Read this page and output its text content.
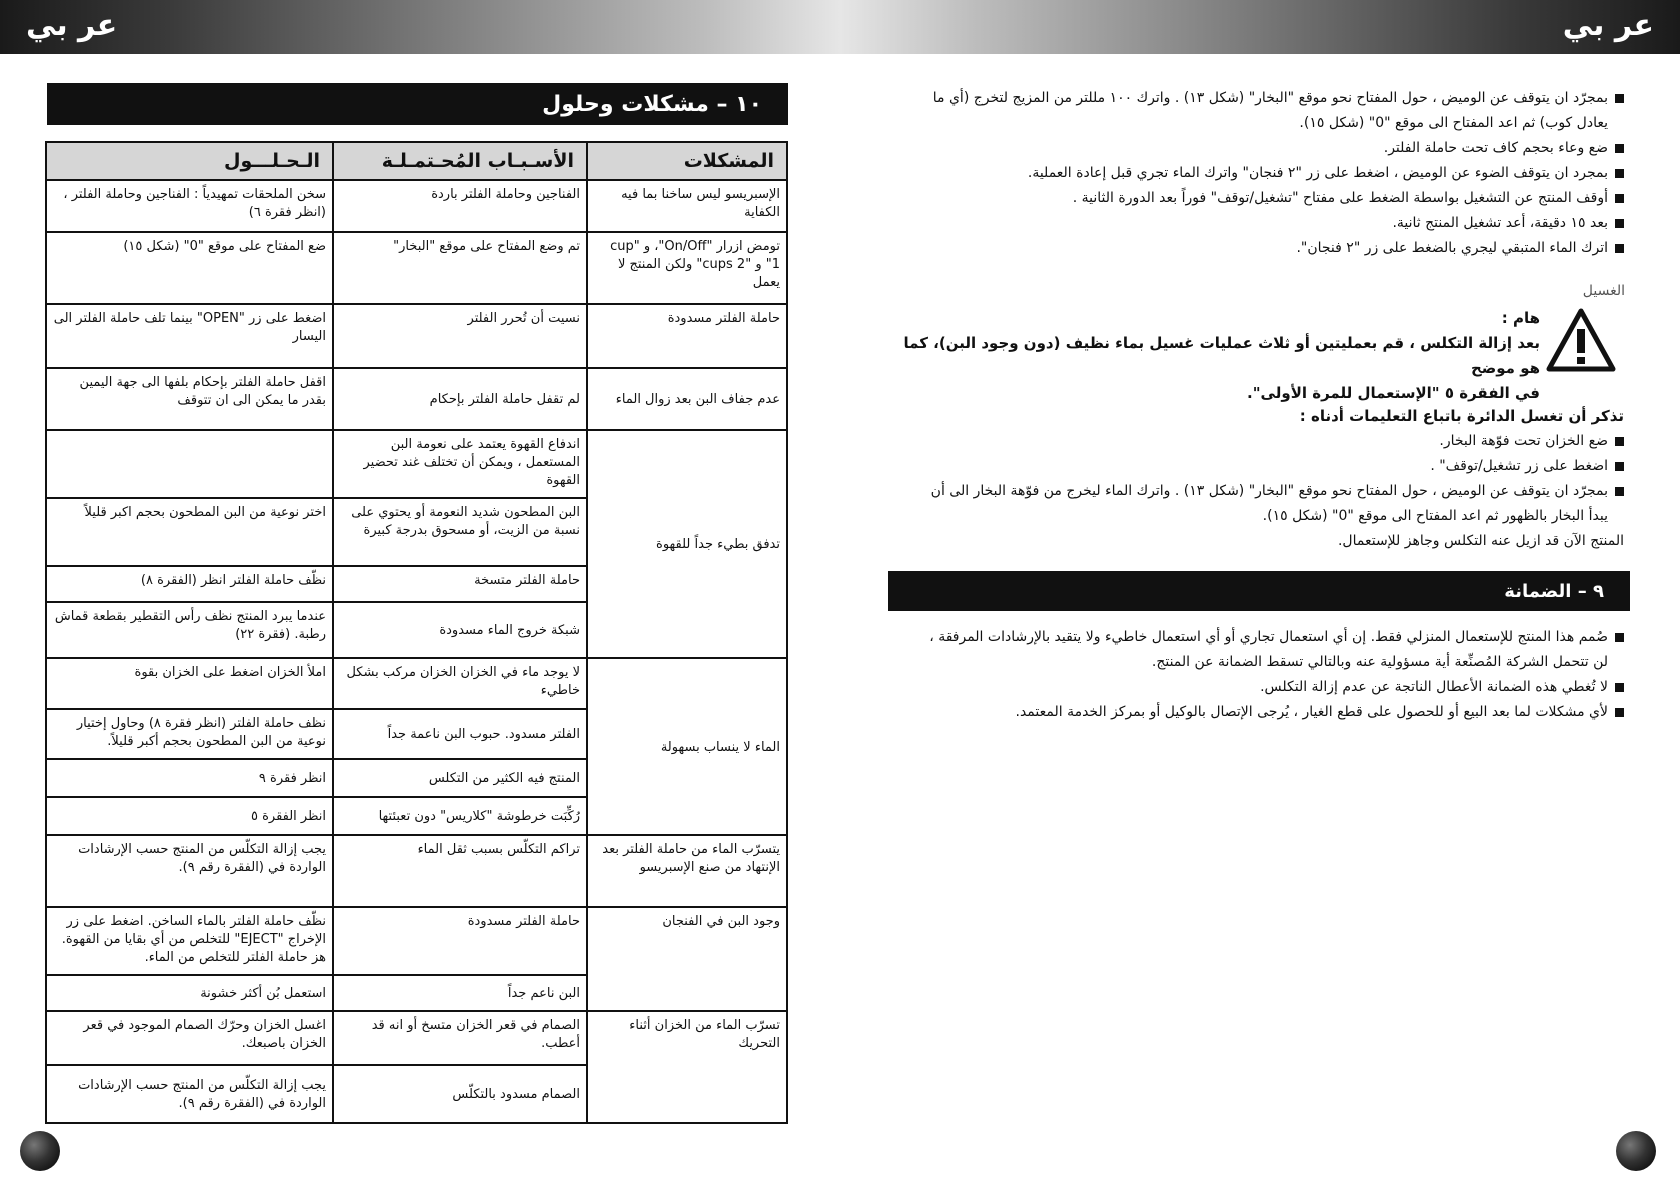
عر بي	عر بي
١٠ – مشكلات وحلول
المشكلات	الأسـبـاب المُحـتمـلـة	الـحـلـــول
الإسبريسو ليس ساخنا بما فيه الكفاية	الفناجين وحاملة الفلتر باردة	سخن الملحقات تمهيدياً : الفناجين وحاملة الفلتر ، (انظر فقرة ٦)
تومض ازرار "On/Off"، و "cup 1" و "cups 2" ولكن المنتج لا يعمل	تم وضع المفتاح على موقع "البخار"	ضع المفتاح على موقع "0" (شكل ١٥)
حاملة الفلتر مسدودة	نسيت أن تُحرر الفلتر	اضغط على زر "OPEN" بينما تلف حاملة الفلتر الى اليسار
عدم جفاف البن بعد زوال الماء	لم تقفل حاملة الفلتر بإحكام	اقفل حاملة الفلتر بإحكام بلفها الى جهة اليمين بقدر ما يمكن الى ان تتوقف
تدفق بطيء جداً للقهوة	اندفاع القهوة يعتمد على نعومة البن المستعمل ، ويمكن أن تختلف غند تحضير القهوة	
	البن المطحون شديد النعومة أو يحتوي على نسبة من الزيت، أو مسحوق بدرجة كبيرة	اختر نوعية من البن المطحون بحجم اكبر قليلاً
	حاملة الفلتر متسخة	نظّف حاملة الفلتر انظر (الفقرة ٨)
	شبكة خروج الماء مسدودة	عندما يبرد المنتج نظف رأس التقطير بقطعة قماش رطبة. (فقرة ٢٢)
الماء لا ينساب بسهولة	لا يوجد ماء في الخزان الخزان مركب بشكل خاطيء	املأ الخزان اضغط على الخزان بقوة
	الفلتر مسدود. حبوب البن ناعمة جداً	نظف حاملة الفلتر (انظر فقرة ٨) وحاول إختيار نوعية من البن المطحون بحجم أكبر قليلاً.
	المنتج فيه الكثير من التكلس	انظر فقرة ٩
	رُكِّبَت خرطوشة "كلاريس" دون تعبئتها	انظر الفقرة ٥
يتسرّب الماء من حاملة الفلتر بعد الإنتهاد من صنع الإسبريسو	تراكم التكلّس بسبب ثقل الماء	يجب إزالة التكلّس من المنتج حسب الإرشادات الواردة في (الفقرة رقم ٩).
وجود البن في الفنجان	حاملة الفلتر مسدودة	نظّف حاملة الفلتر بالماء الساخن. اضغط على زر الإخراج "EJECT" للتخلص من أي بقايا من القهوة. هز حاملة الفلتر للتخلص من الماء.
	البن ناعم جداً	استعمل بُن أكثر خشونة
تسرّب الماء من الخزان أثناء التحريك	الصمام في قعر الخزان متسخ أو انه قد أعطب.	اغسل الخزان وحرّك الصمام الموجود في قعر الخزان باصبعك.
	الصمام مسدود بالتكلّس	يجب إزالة التكلّس من المنتج حسب الإرشادات الواردة في (الفقرة رقم ٩).
بمجرّد ان يتوقف عن الوميض ، حول المفتاح نحو موقع "البخار" (شكل ١٣) . واترك ١٠٠ مللتر من المزيج لتخرج (أي ما
يعادل كوب) ثم اعد المفتاح الى موقع "0" (شكل ١٥).
ضع وعاء بحجم كاف تحت حاملة الفلتر.
بمجرد ان يتوقف الضوء عن الوميض ، اضغط على زر "٢ فنجان" واترك الماء تجري قبل إعادة العملية.
أوقف المنتج عن التشغيل بواسطة الضغط على مفتاح "تشغيل/توقف" فوراً بعد الدورة الثانية .
بعد ١٥ دقيقة، أعد تشغيل المنتج ثانية.
اترك الماء المتبقي ليجري بالضغط على زر "٢ فنجان".
الغسيل
هام :
بعد إزالة التكلس ، قم بعمليتين أو ثلاث عمليات غسيل بماء نظيف (دون وجود البن)، كما هو موضح
في الفقرة ٥ "الإستعمال للمرة الأولى".
تذكر أن تغسل الدائرة باتباع التعليمات أدناه :
ضع الخزان تحت فوّهة البخار.
اضغط على زر تشغيل/توقف" .
بمجرّد ان يتوقف عن الوميض ، حول المفتاح نحو موقع "البخار" (شكل ١٣) . واترك الماء ليخرج من فوّهة البخار الى أن
يبدأ البخار بالظهور ثم اعد المفتاح الى موقع "0" (شكل ١٥).
المنتج الآن قد ازيل عنه التكلس وجاهز للإستعمال.
٩ – الضمانة
صُمم هذا المنتج للإستعمال المنزلي فقط. إن أي استعمال تجاري أو أي استعمال خاطيء ولا يتقيد بالإرشادات المرفقة ،
لن تتحمل الشركة المُصنِّعة أية مسؤولية عنه وبالتالي تسقط الضمانة عن المنتج.
لا تُغطي هذه الضمانة الأعطال الناتجة عن عدم إزالة التكلس.
لأي مشكلات لما بعد البيع أو للحصول على قطع الغيار ، يُرجى الإتصال بالوكيل أو بمركز الخدمة المعتمد.
